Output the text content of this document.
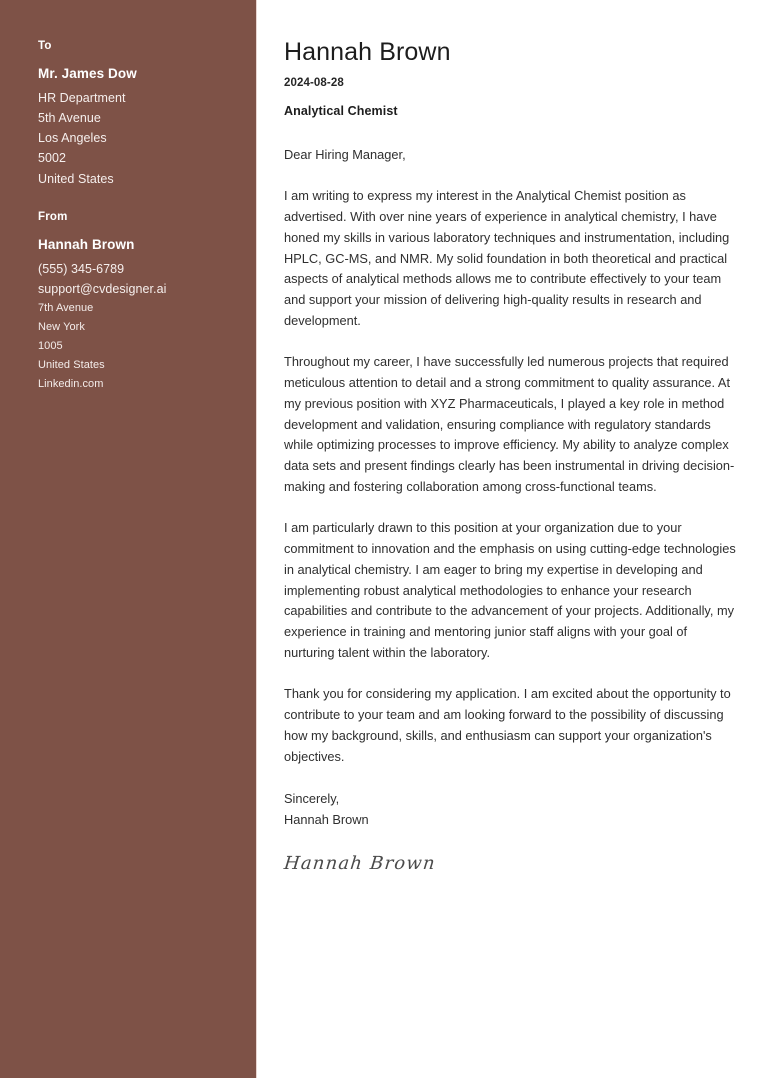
To
Mr. James Dow
HR Department
5th Avenue
Los Angeles
5002
United States
From
Hannah Brown
(555) 345-6789
support@cvdesigner.ai
7th Avenue
New York
1005
United States
Linkedin.com
Hannah Brown
2024-08-28
Analytical Chemist

Dear Hiring Manager,

I am writing to express my interest in the Analytical Chemist position as advertised. With over nine years of experience in analytical chemistry, I have honed my skills in various laboratory techniques and instrumentation, including HPLC, GC-MS, and NMR. My solid foundation in both theoretical and practical aspects of analytical methods allows me to contribute effectively to your team and support your mission of delivering high-quality results in research and development.

Throughout my career, I have successfully led numerous projects that required meticulous attention to detail and a strong commitment to quality assurance. At my previous position with XYZ Pharmaceuticals, I played a key role in method development and validation, ensuring compliance with regulatory standards while optimizing processes to improve efficiency. My ability to analyze complex data sets and present findings clearly has been instrumental in driving decision-making and fostering collaboration among cross-functional teams.

I am particularly drawn to this position at your organization due to your commitment to innovation and the emphasis on using cutting-edge technologies in analytical chemistry. I am eager to bring my expertise in developing and implementing robust analytical methodologies to enhance your research capabilities and contribute to the advancement of your projects. Additionally, my experience in training and mentoring junior staff aligns with your goal of nurturing talent within the laboratory.

Thank you for considering my application. I am excited about the opportunity to contribute to your team and am looking forward to the possibility of discussing how my background, skills, and enthusiasm can support your organization's objectives.

Sincerely,
Hannah Brown
Hannah Brown
